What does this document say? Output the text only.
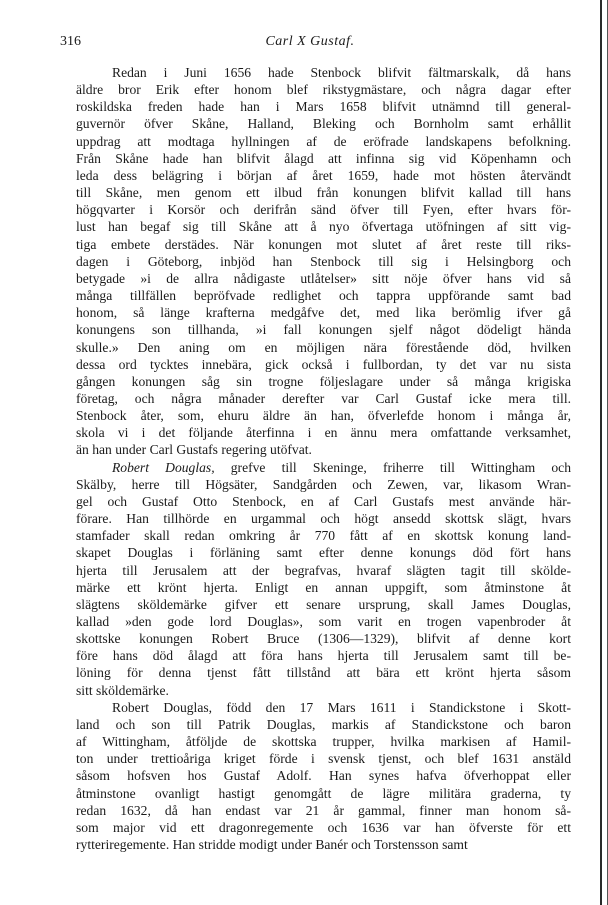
316	Carl X Gustaf.

Redan i Juni 1656 hade Stenbock blifvit fältmarskalk, då hans
äldre bror Erik efter honom blef rikstygmästare, och några dagar efter
roskildska freden hade han i Mars 1658 blifvit utnämnd till general-
guvernör öfver Skåne, Halland, Bleking och Bornholm samt erhållit
uppdrag att modtaga hyllningen af de eröfrade landskapens befolkning.
Från Skåne hade han blifvit ålagd att infinna sig vid Köpenhamn och
leda dess belägring i början af året 1659, hade mot hösten återvändt
till Skåne, men genom ett ilbud från konungen blifvit kallad till hans
högqvarter i Korsör och derifrån sänd öfver till Fyen, efter hvars för-
lust han begaf sig till Skåne att å nyo öfvertaga utöfningen af sitt vig-
tiga embete derstädes. När konungen mot slutet af året reste till riks-
dagen i Göteborg, inbjöd han Stenbock till sig i Helsingborg och
betygade »i de allra nådigaste utlåtelser» sitt nöje öfver hans vid så
många tillfällen bepröfvade redlighet och tappra uppförande samt bad
honom, så länge krafterna medgåfve det, med lika berömlig ifver gå
konungens son tillhanda, »i fall konungen sjelf något dödeligt hända
skulle.» Den aning om en möjligen nära förestående död, hvilken
dessa ord tycktes innebära, gick också i fullbordan, ty det var nu sista
gången konungen såg sin trogne följeslagare under så många krigiska
företag, och några månader derefter var Carl Gustaf icke mera till.
Stenbock åter, som, ehuru äldre än han, öfverlefde honom i många år,
skola vi i det följande återfinna i en ännu mera omfattande verksamhet,
än han under Carl Gustafs regering utöfvat.

Robert Douglas, grefve till Skeninge, friherre till Wittingham och
Skälby, herre till Högsäter, Sandgården och Zewen, var, likasom Wran-
gel och Gustaf Otto Stenbock, en af Carl Gustafs mest använde här-
förare. Han tillhörde en urgammal och högt ansedd skottsk slägt, hvars
stamfader skall redan omkring år 770 fått af en skottsk konung land-
skapet Douglas i förläning samt efter denne konungs död fört hans
hjerta till Jerusalem att der begrafvas, hvaraf slägten tagit till skölde-
märke ett krönt hjerta. Enligt en annan uppgift, som åtminstone åt
slägtens sköldemärke gifver ett senare ursprung, skall James Douglas,
kallad »den gode lord Douglas», som varit en trogen vapenbroder åt
skottske konungen Robert Bruce (1306—1329), blifvit af denne kort
före hans död ålagd att föra hans hjerta till Jerusalem samt till be-
löning för denna tjenst fått tillstånd att bära ett krönt hjerta såsom
sitt sköldemärke.

Robert Douglas, född den 17 Mars 1611 i Standickstone i Skott-
land och son till Patrik Douglas, markis af Standickstone och baron
af Wittingham, åtföljde de skottska trupper, hvilka markisen af Hamil-
ton under trettioåriga kriget förde i svensk tjenst, och blef 1631 anstäld
såsom hofsven hos Gustaf Adolf. Han synes hafva öfverhoppat eller
åtminstone ovanligt hastigt genomgått de lägre militära graderna, ty
redan 1632, då han endast var 21 år gammal, finner man honom så-
som major vid ett dragonregemente och 1636 var han öfverste för ett
rytteriregemente. Han stridde modigt under Banér och Torstensson samt
